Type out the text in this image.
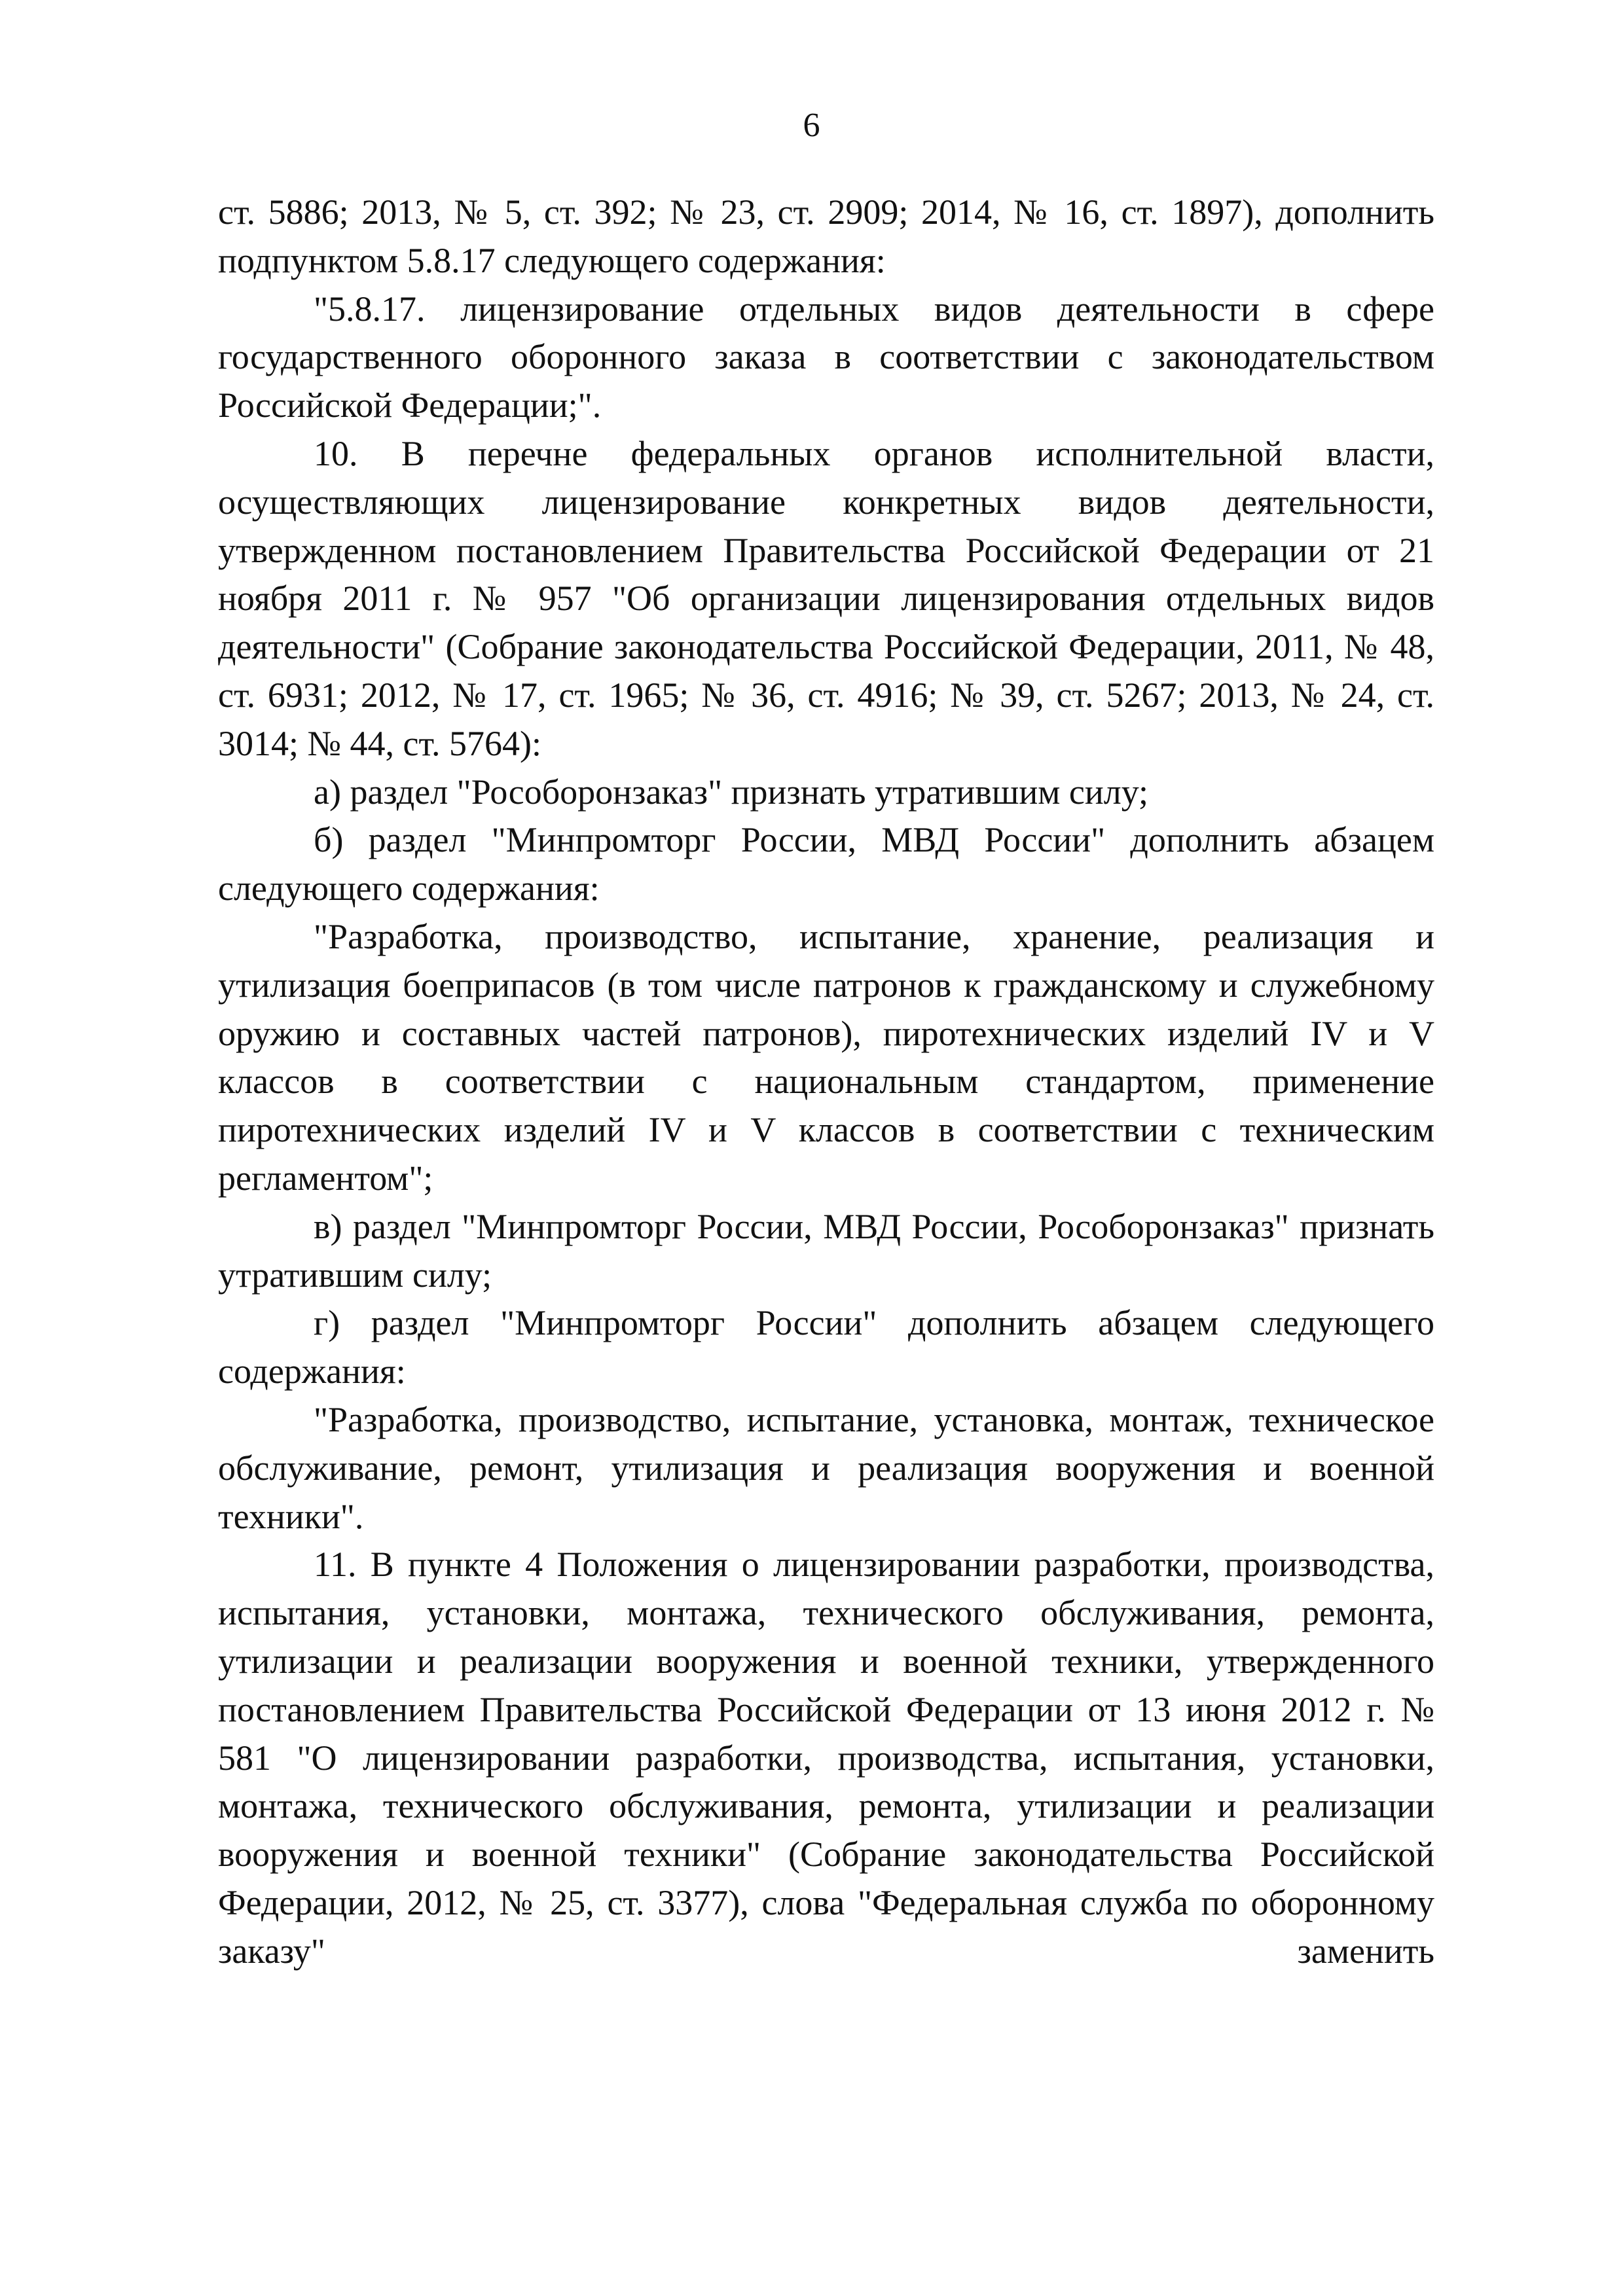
6

ст. 5886; 2013, № 5, ст. 392; № 23, ст. 2909; 2014, № 16, ст. 1897), дополнить подпунктом 5.8.17 следующего содержания:

"5.8.17. лицензирование отдельных видов деятельности в сфере государственного оборонного заказа в соответствии с законодательством Российской Федерации;".

10. В перечне федеральных органов исполнительной власти, осуществляющих лицензирование конкретных видов деятельности, утвержденном постановлением Правительства Российской Федерации от 21 ноября 2011 г. № 957 "Об организации лицензирования отдельных видов деятельности" (Собрание законодательства Российской Федерации, 2011, № 48, ст. 6931; 2012, № 17, ст. 1965; № 36, ст. 4916; № 39, ст. 5267; 2013, № 24, ст. 3014; № 44, ст. 5764):

а) раздел "Рособоронзаказ" признать утратившим силу;

б) раздел "Минпромторг России, МВД России" дополнить абзацем следующего содержания:

"Разработка, производство, испытание, хранение, реализация и утилизация боеприпасов (в том числе патронов к гражданскому и служебному оружию и составных частей патронов), пиротехнических изделий IV и V классов в соответствии с национальным стандартом, применение пиротехнических изделий IV и V классов в соответствии с техническим регламентом";

в) раздел "Минпромторг России, МВД России, Рособоронзаказ" признать утратившим силу;

г) раздел "Минпромторг России" дополнить абзацем следующего содержания:

"Разработка, производство, испытание, установка, монтаж, техническое обслуживание, ремонт, утилизация и реализация вооружения и военной техники".

11. В пункте 4 Положения о лицензировании разработки, производства, испытания, установки, монтажа, технического обслуживания, ремонта, утилизации и реализации вооружения и военной техники, утвержденного постановлением Правительства Российской Федерации от 13 июня 2012 г. № 581 "О лицензировании разработки, производства, испытания, установки, монтажа, технического обслуживания, ремонта, утилизации и реализации вооружения и военной техники" (Собрание законодательства Российской Федерации, 2012, № 25, ст. 3377), слова "Федеральная служба по оборонному заказу" заменить
